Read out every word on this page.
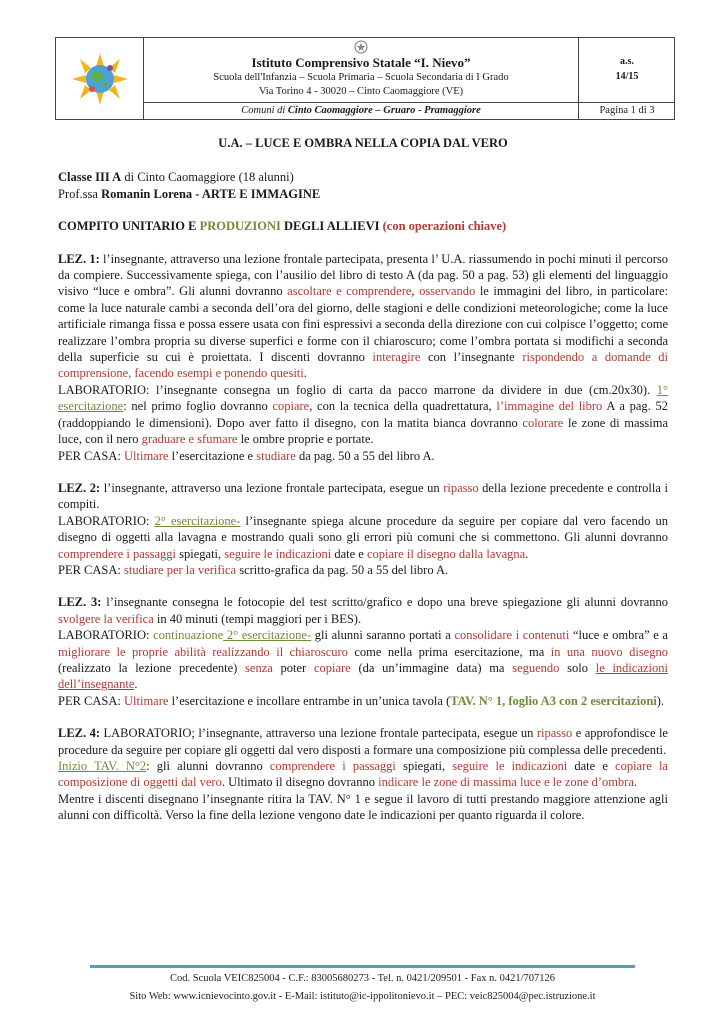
Istituto Comprensivo Statale “I. Nievo”
Scuola dell'Infanzia – Scuola Primaria – Scuola Secondaria di I Grado
Via Torino 4 - 30020 – Cinto Caomaggiore (VE)
a.s.
14/15
Comuni di Cinto Caomaggiore – Gruaro - Pramaggiore	Pagina 1 di 3

U.A. – LUCE E OMBRA NELLA COPIA DAL VERO

Classe III A di Cinto Caomaggiore (18 alunni)

Prof.ssa Romanin Lorena - ARTE E IMMAGINE

COMPITO UNITARIO E PRODUZIONI DEGLI ALLIEVI (con operazioni chiave)

LEZ. 1: l’insegnante, attraverso una lezione frontale partecipata, presenta l’ U.A. riassumendo in pochi minuti il percorso da compiere. Successivamente spiega, con l’ausilio del libro di testo A (da pag. 50 a pag. 53) gli elementi del linguaggio visivo “luce e ombra”. Gli alunni dovranno ascoltare e comprendere, osservando le immagini del libro, in particolare: come la luce naturale cambi a seconda dell’ora del giorno, delle stagioni e delle condizioni meteorologiche; come la luce artificiale rimanga fissa e possa essere usata con fini espressivi a seconda della direzione con cui colpisce l’oggetto; come realizzare l’ombra propria su diverse superfici e forme con il chiaroscuro; come l’ombra portata si modifichi a seconda della superficie su cui è proiettata. I discenti dovranno interagire con l’insegnante rispondendo a domande di comprensione, facendo esempi e ponendo quesiti.

LABORATORIO: l’insegnante consegna un foglio di carta da pacco marrone da dividere in due (cm.20x30). 1° esercitazione: nel primo foglio dovranno copiare, con la tecnica della quadrettatura, l’immagine del libro A a pag. 52 (raddoppiando le dimensioni). Dopo aver fatto il disegno, con la matita bianca dovranno colorare le zone di massima luce, con il nero graduare e sfumare le ombre proprie e portate.

PER CASA: Ultimare l’esercitazione e studiare da pag. 50 a 55 del libro A.

LEZ. 2: l’insegnante, attraverso una lezione frontale partecipata, esegue un ripasso della lezione precedente e controlla i compiti.

LABORATORIO: 2° esercitazione- l’insegnante spiega alcune procedure da seguire per copiare dal vero facendo un disegno di oggetti alla lavagna e mostrando quali sono gli errori più comuni che si commettono. Gli alunni dovranno comprendere i passaggi spiegati, seguire le indicazioni date e copiare il disegno dalla lavagna.

PER CASA: studiare per la verifica scritto-grafica da pag. 50 a 55 del libro A.

LEZ. 3: l’insegnante consegna le fotocopie del test scritto/grafico e dopo una breve spiegazione gli alunni dovranno svolgere la verifica in 40 minuti (tempi maggiori per i BES).

LABORATORIO: continuazione 2° esercitazione- gli alunni saranno portati a consolidare i contenuti “luce e ombra” e a migliorare le proprie abilità realizzando il chiaroscuro come nella prima esercitazione, ma in una nuovo disegno (realizzato la lezione precedente) senza poter copiare (da un’immagine data) ma seguendo solo le indicazioni dell’insegnante.

PER CASA: Ultimare l’esercitazione e incollare entrambe in un’unica tavola (TAV. N° 1, foglio A3 con 2 esercitazioni).

LEZ. 4: LABORATORIO; l’insegnante, attraverso una lezione frontale partecipata, esegue un ripasso e approfondisce le procedure da seguire per copiare gli oggetti dal vero disposti a formare una composizione più complessa delle precedenti.

Inizio TAV. N°2: gli alunni dovranno comprendere i passaggi spiegati, seguire le indicazioni date e copiare la composizione di oggetti dal vero. Ultimato il disegno dovranno indicare le zone di massima luce e le zone d’ombra.

Mentre i discenti disegnano l’insegnante ritira la TAV. N° 1 e segue il lavoro di tutti prestando maggiore attenzione agli alunni con difficoltà. Verso la fine della lezione vengono date le indicazioni per quanto riguarda il colore.

Cod. Scuola VEIC825004 - C.F.: 83005680273 - Tel. n. 0421/209501 - Fax n. 0421/707126
Sito Web: www.icnievocinto.gov.it - E-Mail: istituto@ic-ippolitonievo.it – PEC: veic825004@pec.istruzione.it
